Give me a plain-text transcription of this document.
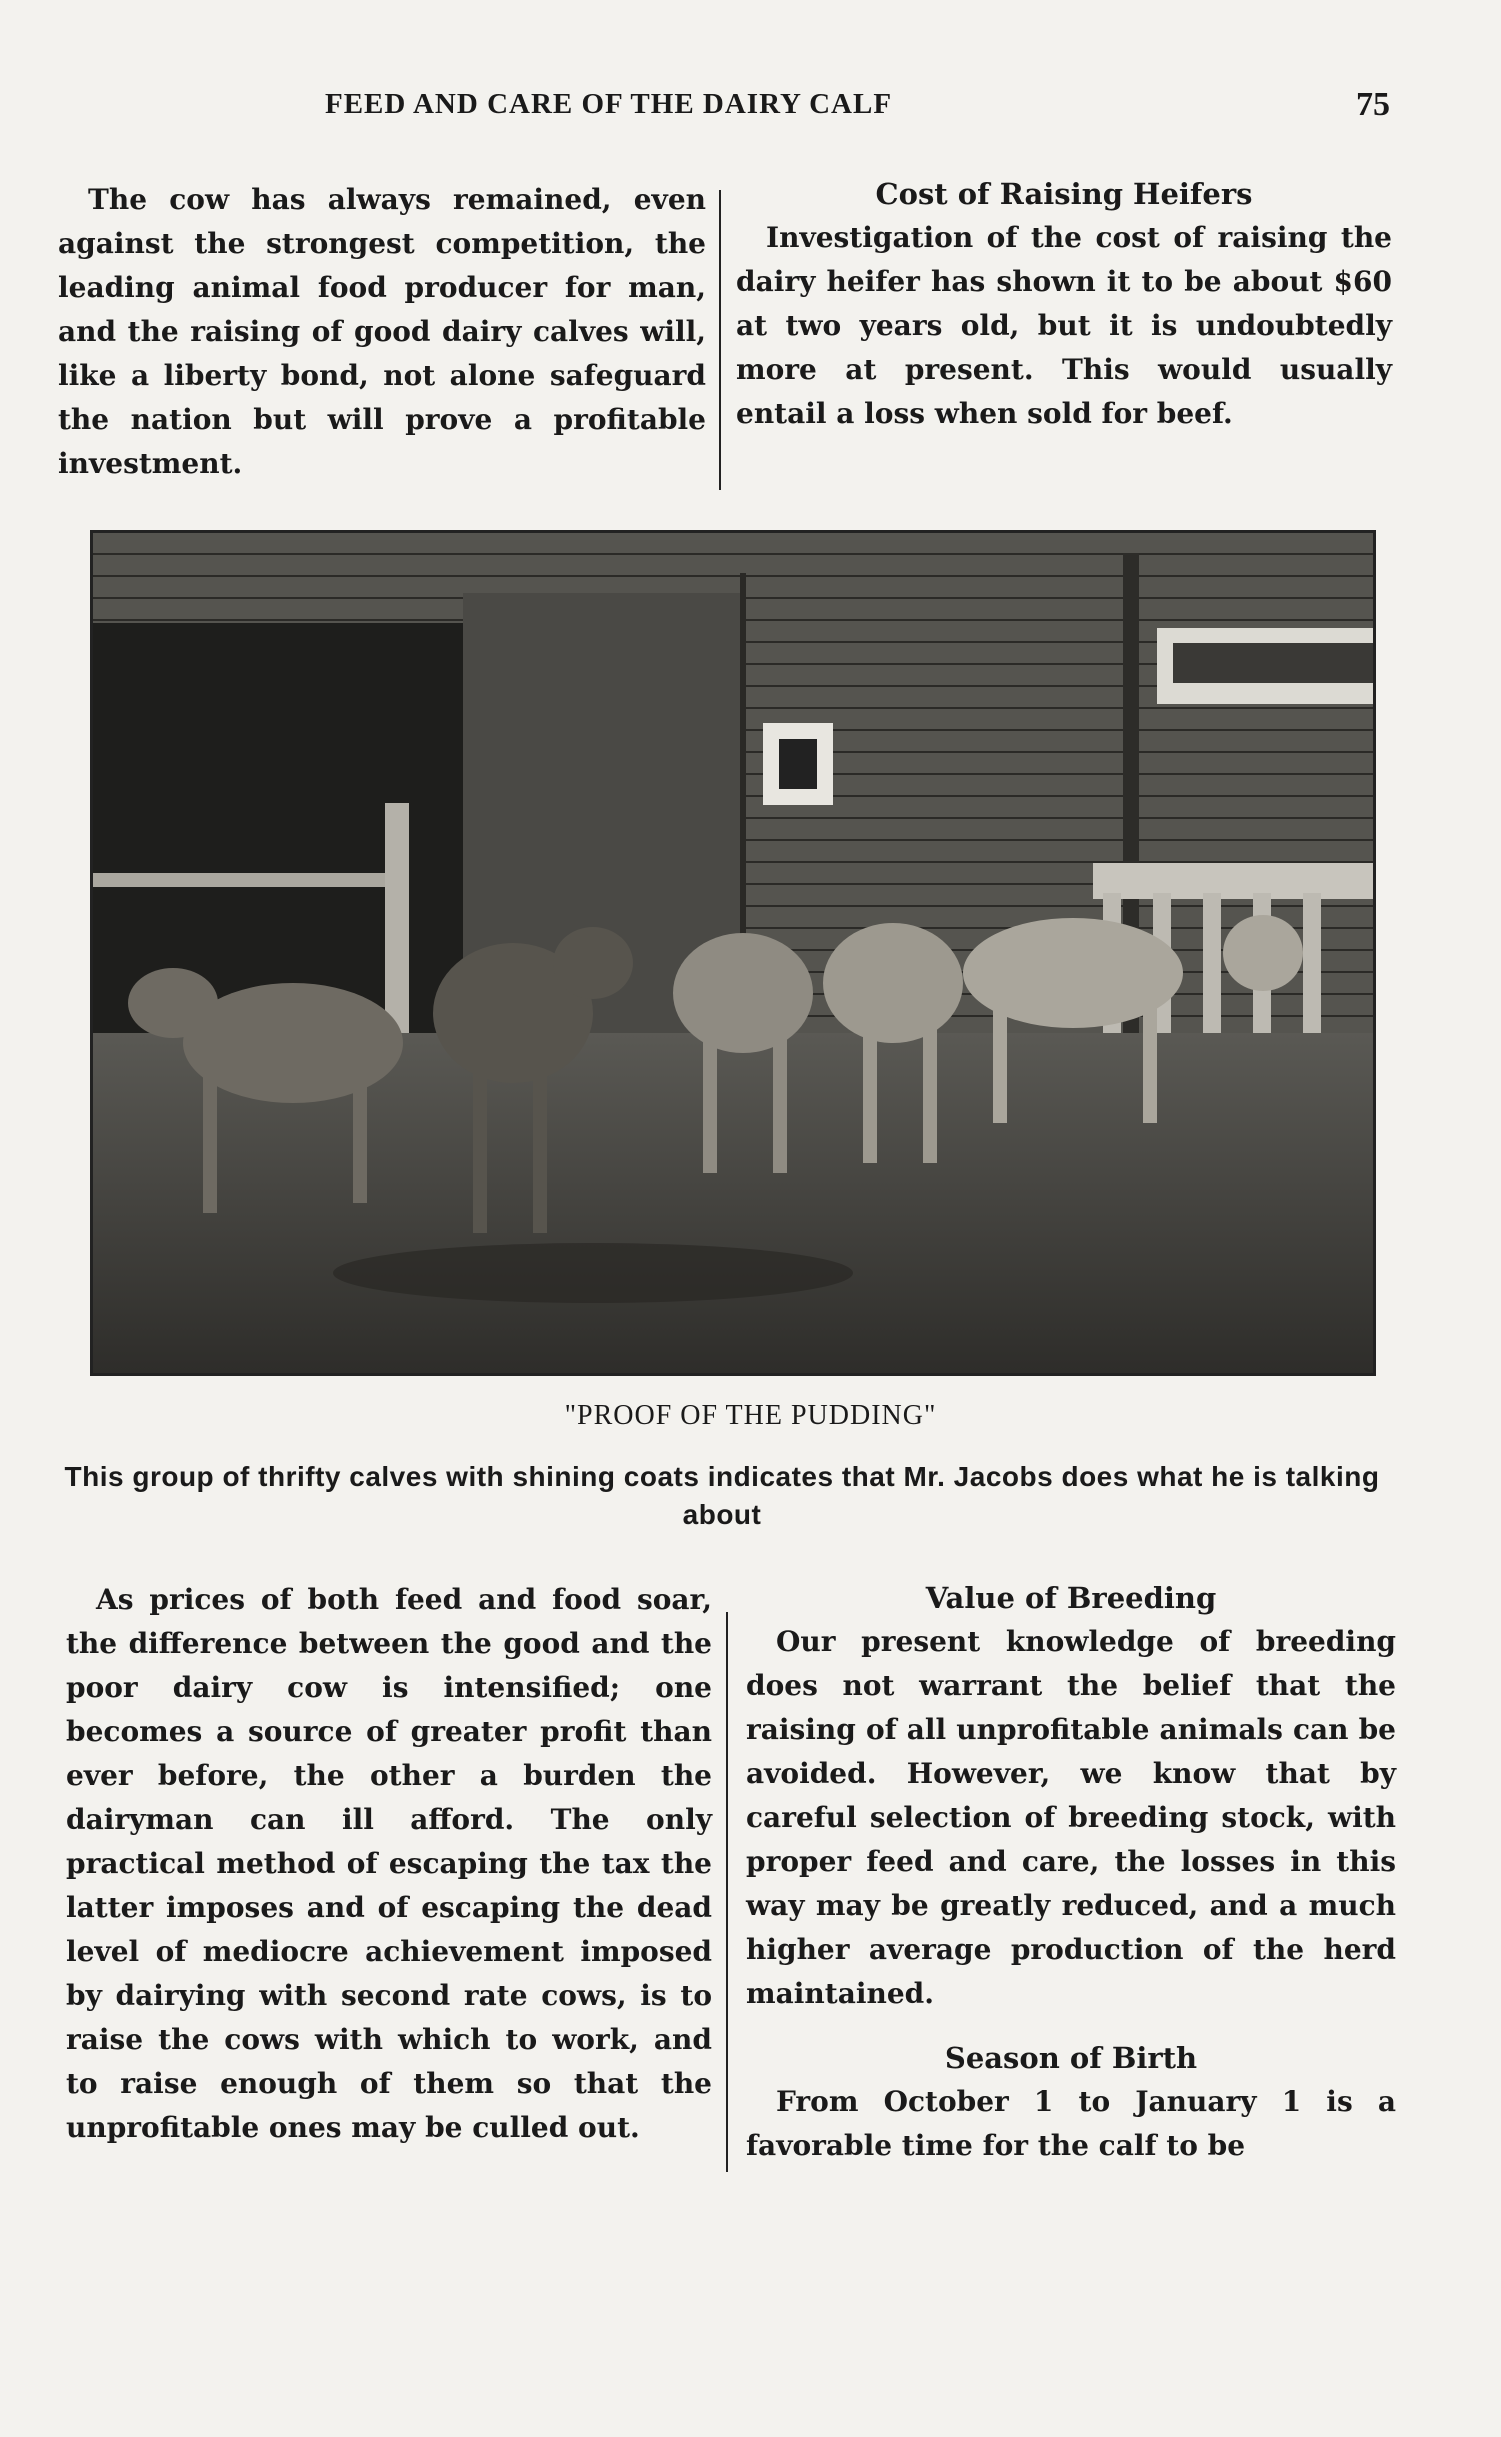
FEED AND CARE OF THE DAIRY CALF	75

The cow has always remained, even against the strongest competition, the leading animal food producer for man, and the raising of good dairy calves will, like a liberty bond, not alone safeguard the nation but will prove a profitable investment.

Cost of Raising Heifers

Investigation of the cost of raising the dairy heifer has shown it to be about $60 at two years old, but it is undoubtedly more at present. This would usually entail a loss when sold for beef.

"PROOF OF THE PUDDING"
This group of thrifty calves with shining coats indicates that Mr. Jacobs does what he is talking about

As prices of both feed and food soar, the difference between the good and the poor dairy cow is intensified; one becomes a source of greater profit than ever before, the other a burden the dairyman can ill afford. The only practical method of escaping the tax the latter imposes and of escaping the dead level of mediocre achievement imposed by dairying with second rate cows, is to raise the cows with which to work, and to raise enough of them so that the unprofitable ones may be culled out.

Value of Breeding

Our present knowledge of breeding does not warrant the belief that the raising of all unprofitable animals can be avoided. However, we know that by careful selection of breeding stock, with proper feed and care, the losses in this way may be greatly reduced, and a much higher average production of the herd maintained.

Season of Birth

From October 1 to January 1 is a favorable time for the calf to be
